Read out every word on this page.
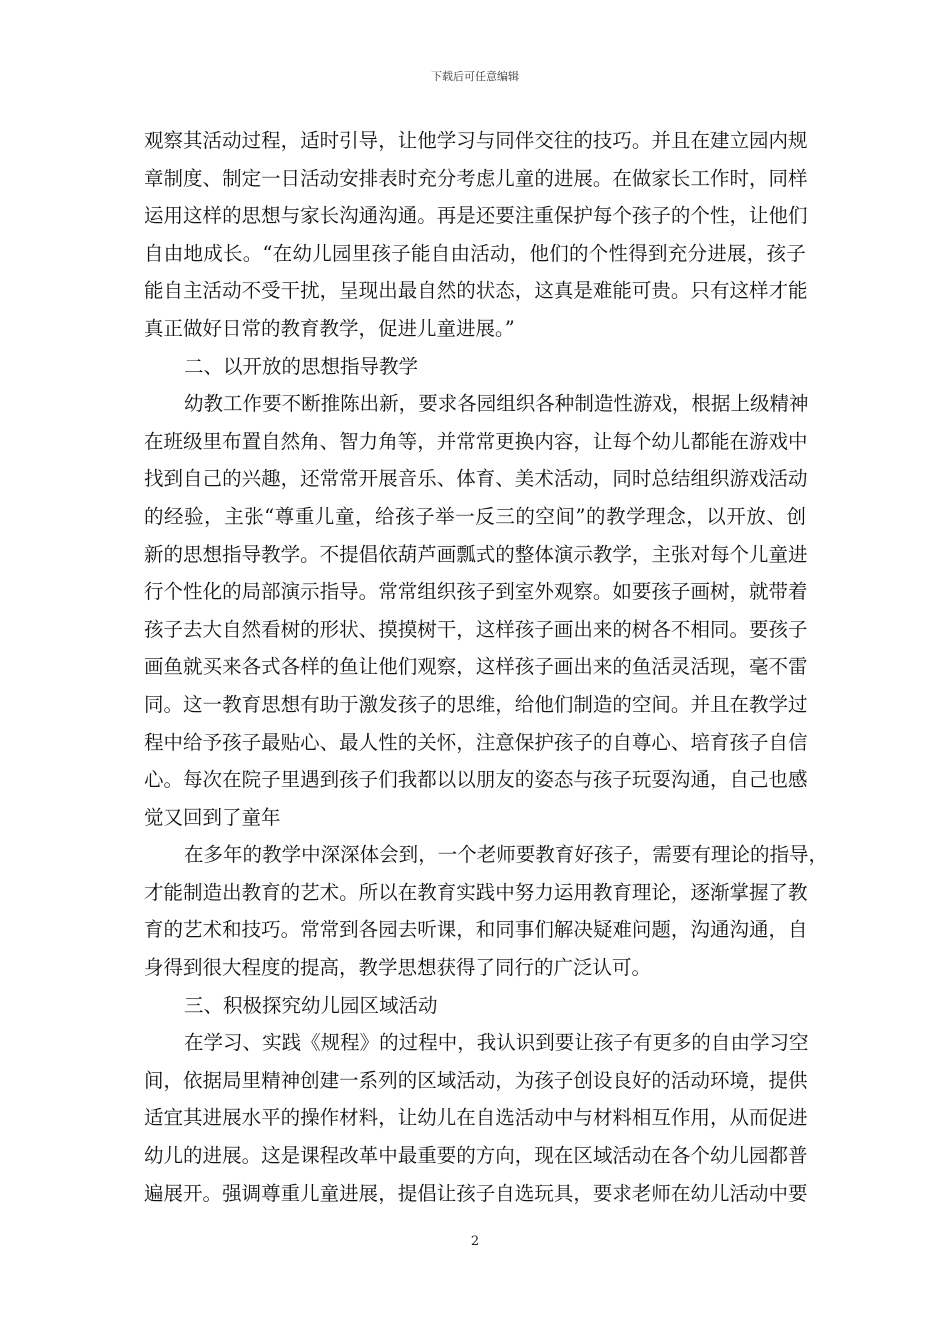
下载后可任意编辑
观 察 其 活 动 过 程 ， 适 时 引 导 ， 让 他 学 习 与 同 伴 交 往 的 技 巧 。 并 且 在 建 立 园 内 规
章 制 度 、 制 定 一 日 活 动 安 排 表 时 充 分 考 虑 儿 童 的 进 展 。 在 做 家 长 工 作 时 ， 同 样
运 用 这 样 的 思 想 与 家 长 沟 通 沟 通 。 再 是 还 要 注 重 保 护 每 个 孩 子 的 个 性 ， 让 他 们
自 由 地 成 长 。 “ 在 幼 儿 园 里 孩 子 能 自 由 活 动 ， 他 们 的 个 性 得 到 充 分 进 展 ， 孩 子
能 自 主 活 动 不 受 干 扰 ， 呈 现 出 最 自 然 的 状 态 ， 这 真 是 难 能 可 贵 。 只 有 这 样 才 能
真正做好日常的教育教学，促进儿童进展。”
二、以开放的思想指导教学
幼 教 工 作 要 不 断 推 陈 出 新 ， 要 求 各 园 组 织 各 种 制 造 性 游 戏 ， 根 据 上 级 精 神
在 班 级 里 布 置 自 然 角 、 智 力 角 等 ， 并 常 常 更 换 内 容 ， 让 每 个 幼 儿 都 能 在 游 戏 中
找 到 自 己 的 兴 趣 ， 还 常 常 开 展 音 乐 、 体 育 、 美 术 活 动 ， 同 时 总 结 组 织 游 戏 活 动
的 经 验 ， 主 张 “ 尊 重 儿 童 ， 给 孩 子 举 一 反 三 的 空 间 ” 的 教 学 理 念 ， 以 开 放 、 创
新 的 思 想 指 导 教 学 。 不 提 倡 依 葫 芦 画 瓢 式 的 整 体 演 示 教 学 ， 主 张 对 每 个 儿 童 进
行 个 性 化 的 局 部 演 示 指 导 。 常 常 组 织 孩 子 到 室 外 观 察 。 如 要 孩 子 画 树 ， 就 带 着
孩 子 去 大 自 然 看 树 的 形 状 、 摸 摸 树 干 ， 这 样 孩 子 画 出 来 的 树 各 不 相 同 。 要 孩 子
画 鱼 就 买 来 各 式 各 样 的 鱼 让 他 们 观 察 ， 这 样 孩 子 画 出 来 的 鱼 活 灵 活 现 ， 毫 不 雷
同 。 这 一 教 育 思 想 有 助 于 激 发 孩 子 的 思 维 ， 给 他 们 制 造 的 空 间 。 并 且 在 教 学 过
程 中 给 予 孩 子 最 贴 心 、 最 人 性 的 关 怀 ， 注 意 保 护 孩 子 的 自 尊 心 、 培 育 孩 子 自 信
心 。 每 次 在 院 子 里 遇 到 孩 子 们 我 都 以 以 朋 友 的 姿 态 与 孩 子 玩 耍 沟 通 ， 自 己 也 感
觉又回到了童年
在 多 年 的 教 学 中 深 深 体 会 到 ， 一 个 老 师 要 教 育 好 孩 子 ， 需 要 有 理 论 的 指 导 ，
才 能 制 造 出 教 育 的 艺 术 。 所 以 在 教 育 实 践 中 努 力 运 用 教 育 理 论 ， 逐 渐 掌 握 了 教
育 的 艺 术 和 技 巧 。 常 常 到 各 园 去 听 课 ， 和 同 事 们 解 决 疑 难 问 题 ， 沟 通 沟 通 ， 自
身得到很大程度的提高，教学思想获得了同行的广泛认可。
三、积极探究幼儿园区域活动
在 学 习 、 实 践 《 规 程 》 的 过 程 中 ， 我 认 识 到 要 让 孩 子 有 更 多 的 自 由 学 习 空
间 ， 依 据 局 里 精 神 创 建 一 系 列 的 区 域 活 动 ， 为 孩 子 创 设 良 好 的 活 动 环 境 ， 提 供
适 宜 其 进 展 水 平 的 操 作 材 料 ， 让 幼 儿 在 自 选 活 动 中 与 材 料 相 互 作 用 ， 从 而 促 进
幼 儿 的 进 展 。 这 是 课 程 改 革 中 最 重 要 的 方 向 ， 现 在 区 域 活 动 在 各 个 幼 儿 园 都 普
遍 展 开 。 强 调 尊 重 儿 童 进 展 ， 提 倡 让 孩 子 自 选 玩 具 ， 要 求 老 师 在 幼 儿 活 动 中 要
2
